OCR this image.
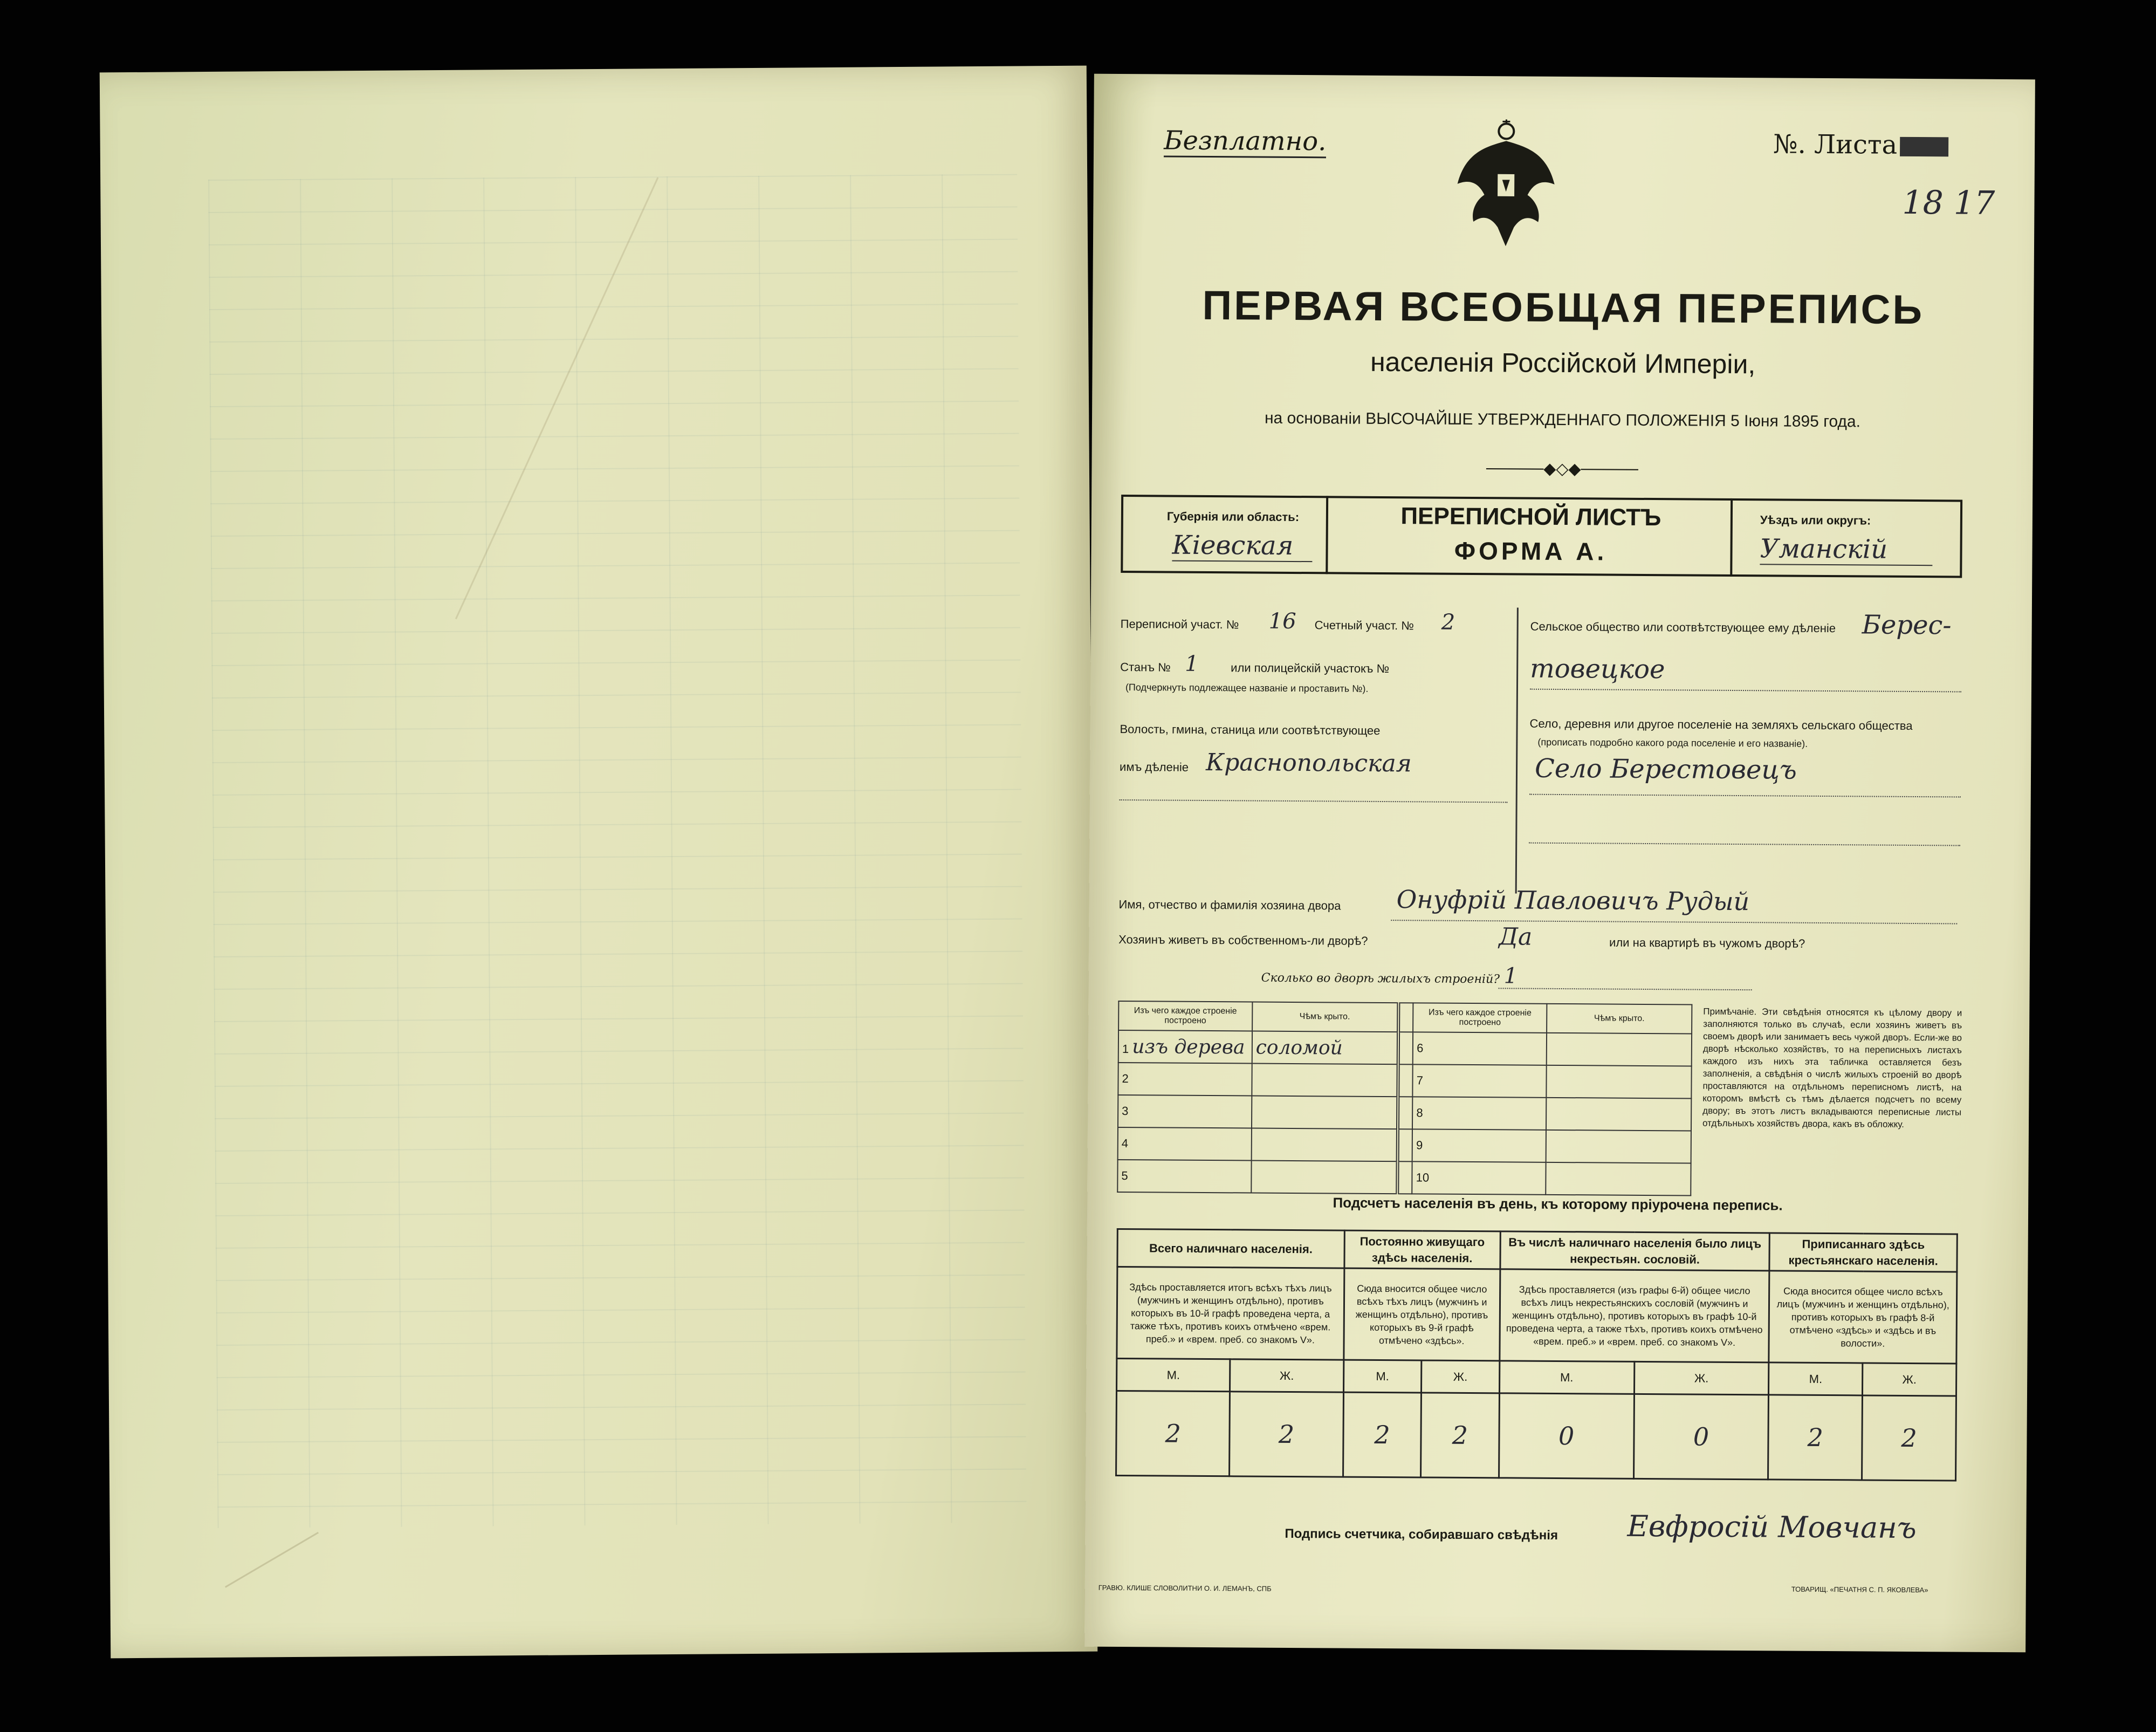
Безплатно.	№. Листа
18 17
ПЕРВАЯ ВСЕОБЩАЯ ПЕРЕПИСЬ
населенія Россійской Имперіи,
на основаніи ВЫСОЧАЙШЕ УТВЕРЖДЕННАГО ПОЛОЖЕНІЯ 5 Іюня 1895 года.
─────◆◇◆─────
Губернія или область:
Кіевская
ПЕРЕПИСНОЙ ЛИСТЪ
ФОРМА А.
Уѣздъ или округъ:
Уманскій
Переписной участ. № 16 Счетный участ. № 2
Станъ № 1	или полицейскій участокъ №
(Подчеркнуть подлежащее названіе и проставить №).
Волость, гмина, станица или соотвѣтствующее
имъ дѣленіе Краснопольская
Сельское общество или соотвѣтствующее ему дѣленіе Берес-
товецкое
Село, деревня или другое поселеніе на земляхъ сельскаго общества
(прописать подробно какого рода поселеніе и его названіе).
Село Берестовецъ
Имя, отчество и фамилія хозяина двора Онуфрій Павловичъ Рудый
Хозяинъ живетъ въ собственномъ-ли дворѣ?	Да	или на квартирѣ въ чужомъ дворѣ?
Сколько во дворѣ жилыхъ строеній? 1
Изъ чего каждое строеніе построено	Чѣмъ крыто.		Изъ чего каждое строеніе построено	Чѣмъ крыто.
1 изъ дерева	соломой		6	
2			7	
3			8	
4			9	
5			10	
Примѣчаніе. Эти свѣдѣнія относятся къ цѣлому двору и заполняются только въ случаѣ, если хозяинъ живетъ въ своемъ дворѣ или занимаетъ весь чужой дворъ. Если-же во дворѣ нѣсколько хозяйствъ, то на переписныхъ листахъ каждого изъ нихъ эта табличка оставляется безъ заполненія, а свѣдѣнія о числѣ жилыхъ строеній во дворѣ проставляются на отдѣльномъ переписномъ листѣ, на которомъ вмѣстѣ съ тѣмъ дѣлается подсчетъ по всему двору; въ этотъ листъ вкладываются переписные листы отдѣльныхъ хозяйствъ двора, какъ въ обложку.
Подсчетъ населенія въ день, къ которому пріурочена перепись.
Всего наличнаго населенія.		Постоянно живущаго здѣсь населенія.		Въ числѣ наличнаго населенія было лицъ некрестьян. сословій.		Приписаннаго здѣсь крестьянскаго населенія.	
Здѣсь проставляется итогъ всѣхъ тѣхъ лицъ (мужчинъ и женщинъ отдѣльно), противъ которыхъ въ 10-й графѣ проведена черта, а также тѣхъ, противъ коихъ отмѣчено «врем. преб.» и «врем. преб. со знакомъ V».		Сюда вносится общее число всѣхъ тѣхъ лицъ (мужчинъ и женщинъ отдѣльно), противъ которыхъ въ 9-й графѣ отмѣчено «здѣсь».		Здѣсь проставляется (изъ графы 6-й) общее число всѣхъ лицъ некрестьянскихъ сословій (мужчинъ и женщинъ отдѣльно), противъ которыхъ въ графѣ 10-й проведена черта, а также тѣхъ, противъ коихъ отмѣчено «врем. преб.» и «врем. преб. со знакомъ V».		Сюда вносится общее число всѣхъ лицъ (мужчинъ и женщинъ отдѣльно), противъ которыхъ въ графѣ 8-й отмѣчено «здѣсь» и «здѣсь и въ волости».	
М.	Ж.	М.	Ж.	М.	Ж.	М.	Ж.
2	2	2	2	0	0	2	2
Подпись счетчика, собиравшаго свѣдѣнія Евфросій Мовчанъ
ГРАВЮ. КЛИШЕ СЛОВОЛИТНИ О. И. ЛЕМАНЪ, СПБ	ТОВАРИЩ. «ПЕЧАТНЯ С. П. ЯКОВЛЕВА»
